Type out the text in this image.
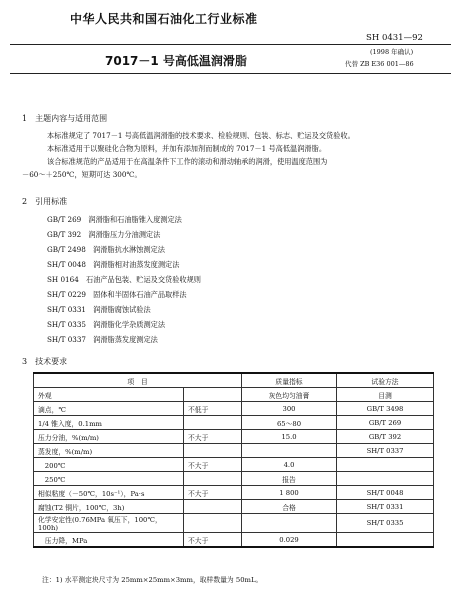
中华人民共和国石油化工行业标准
SH 0431—92
(1998 年确认)
代替 ZB E36 001—86
7017－1 号高低温润滑脂
1　主题内容与适用范围
本标准规定了 7017－1 号高低温润滑脂的技术要求、检验规则、包装、标志、贮运及交货验收。
本标准适用于以聚硅化合物为原料，并加有添加剂而制成的 7017－1 号高低温润滑脂。
该合标准规范的产品适用于在高温条件下工作的滚动和滑动轴承的润滑，使用温度范围为
－60～＋250℃，短期可达 300℃。
2　引用标准
GB/T 269　润滑脂和石油脂锥入度测定法
GB/T 392　润滑脂压力分油测定法
GB/T 2498　润滑脂抗水淋蚀测定法
SH/T 0048　润滑脂相对油蒸发度测定法
SH 0164　石油产品包装、贮运及交货验收规则
SH/T 0229　固体和半固体石油产品取样法
SH/T 0331　润滑脂腐蚀试验法
SH/T 0335　润滑脂化学杂质测定法
SH/T 0337　润滑脂蒸发度测定法
3　技术要求
项　目		质量指标	试验方法
外观		灰色均匀油膏	目测
滴点，℃	不低于	300	GB/T 3498
1/4 锥入度，0.1mm		65～80	GB/T 269
压力分油，%(m/m)	不大于	15.0	GB/T 392
蒸发度，%(m/m)			SH/T 0337
　200℃	不大于	4.0	
　250℃		报告	
相似粘度（－50℃，10s⁻¹），Pa·s	不大于	1 800	SH/T 0048
腐蚀(T2 铜片，100℃，3h)		合格	SH/T 0331
化学安定性(0.76MPa 氧压下，100℃，100h)			SH/T 0335
　压力降，MPa	不大于	0.029	
注：1) 水平测定块尺寸为 25mm×25mm×3mm，取样数量为 50mL。
